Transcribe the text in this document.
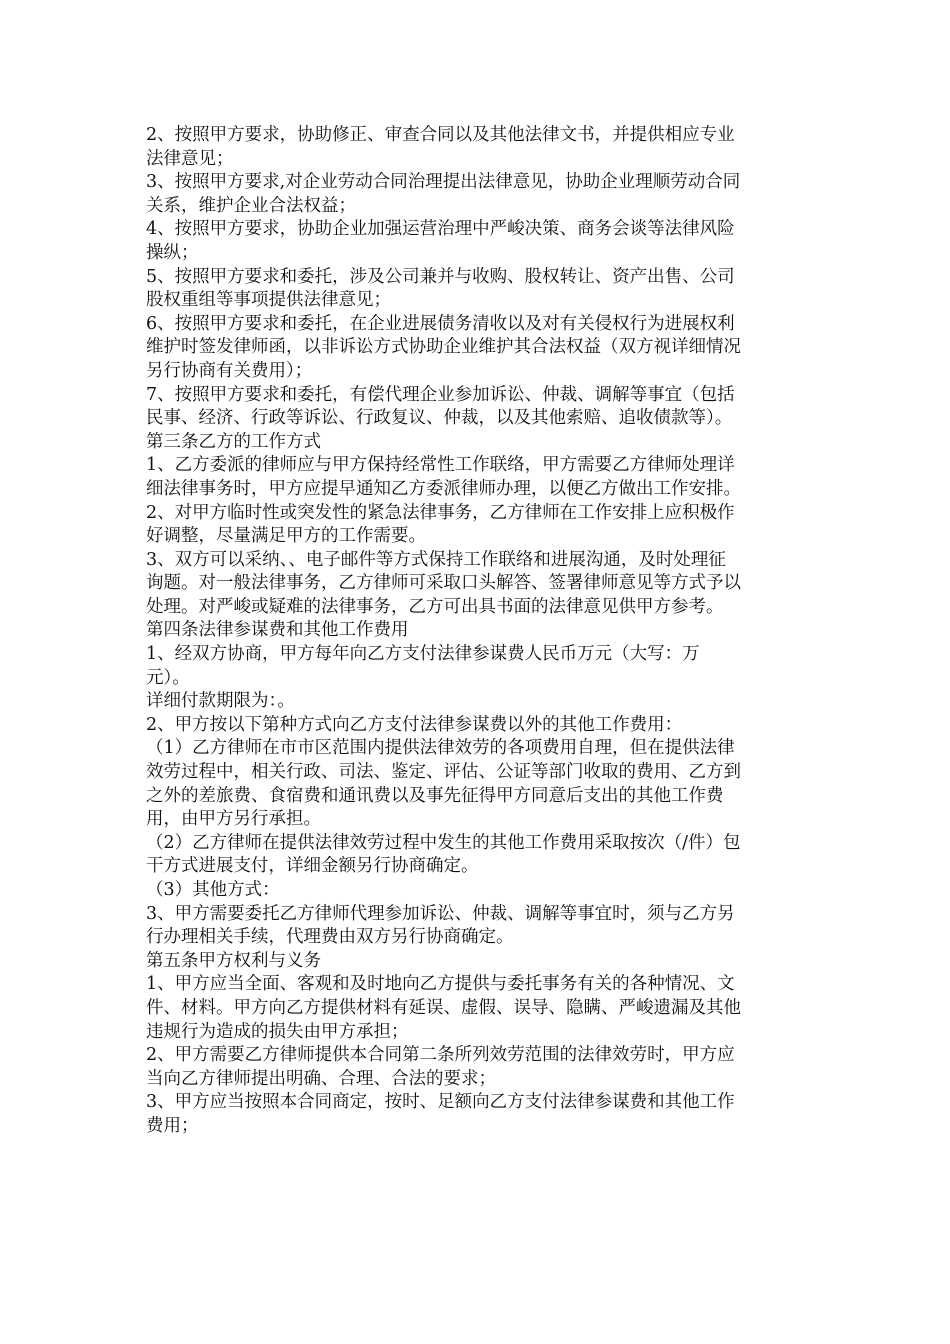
2、按照甲方要求，协助修正、审查合同以及其他法律文书，并提供相应专业
法律意见；
3、按照甲方要求,对企业劳动合同治理提出法律意见，协助企业理顺劳动合同
关系，维护企业合法权益；
4、按照甲方要求，协助企业加强运营治理中严峻决策、商务会谈等法律风险
操纵；
5、按照甲方要求和委托，涉及公司兼并与收购、股权转让、资产出售、公司
股权重组等事项提供法律意见；
6、按照甲方要求和委托，在企业进展债务清收以及对有关侵权行为进展权利
维护时签发律师函，以非诉讼方式协助企业维护其合法权益（双方视详细情况
另行协商有关费用）；
7、按照甲方要求和委托，有偿代理企业参加诉讼、仲裁、调解等事宜（包括
民事、经济、行政等诉讼、行政复议、仲裁，以及其他索赔、追收债款等）。
第三条乙方的工作方式
1、乙方委派的律师应与甲方保持经常性工作联络，甲方需要乙方律师处理详
细法律事务时，甲方应提早通知乙方委派律师办理，以便乙方做出工作安排。
2、对甲方临时性或突发性的紧急法律事务，乙方律师在工作安排上应积极作
好调整，尽量满足甲方的工作需要。
3、双方可以采纳、、电子邮件等方式保持工作联络和进展沟通，及时处理征
询题。对一般法律事务，乙方律师可采取口头解答、签署律师意见等方式予以
处理。对严峻或疑难的法律事务，乙方可出具书面的法律意见供甲方参考。
第四条法律参谋费和其他工作费用
1、经双方协商，甲方每年向乙方支付法律参谋费人民币万元（大写：万
元）。
详细付款期限为：。
2、甲方按以下第种方式向乙方支付法律参谋费以外的其他工作费用：
（1）乙方律师在市市区范围内提供法律效劳的各项费用自理，但在提供法律
效劳过程中，相关行政、司法、鉴定、评估、公证等部门收取的费用、乙方到
之外的差旅费、食宿费和通讯费以及事先征得甲方同意后支出的其他工作费
用，由甲方另行承担。
（2）乙方律师在提供法律效劳过程中发生的其他工作费用采取按次（/件）包
干方式进展支付，详细金额另行协商确定。
（3）其他方式：
3、甲方需要委托乙方律师代理参加诉讼、仲裁、调解等事宜时，须与乙方另
行办理相关手续，代理费由双方另行协商确定。
第五条甲方权利与义务
1、甲方应当全面、客观和及时地向乙方提供与委托事务有关的各种情况、文
件、材料。甲方向乙方提供材料有延误、虚假、误导、隐瞒、严峻遗漏及其他
违规行为造成的损失由甲方承担；
2、甲方需要乙方律师提供本合同第二条所列效劳范围的法律效劳时，甲方应
当向乙方律师提出明确、合理、合法的要求；
3、甲方应当按照本合同商定，按时、足额向乙方支付法律参谋费和其他工作
费用；
